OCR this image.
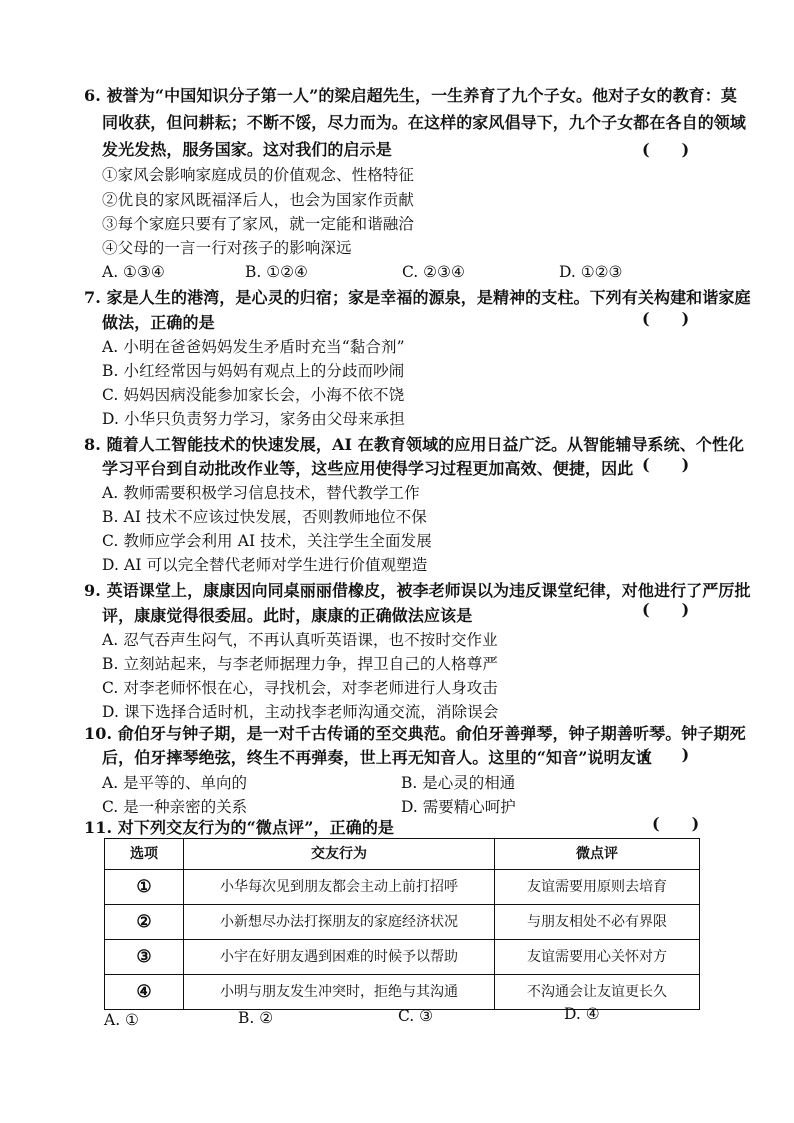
6. 被誉为“中国知识分子第一人”的梁启超先生，一生养育了九个子女。他对子女的教育：莫
同收获，但问耕耘；不断不馁，尽力而为。在这样的家风倡导下，九个子女都在各自的领域
发光发热，服务国家。这对我们的启示是	(　　)
①家风会影响家庭成员的价值观念、性格特征
②优良的家风既福泽后人，也会为国家作贡献
③每个家庭只要有了家风，就一定能和谐融洽
④父母的一言一行对孩子的影响深远
A. ①③④	B. ①②④	C. ②③④	D. ①②③
7. 家是人生的港湾，是心灵的归宿；家是幸福的源泉，是精神的支柱。下列有关构建和谐家庭
做法，正确的是	(　　)
A. 小明在爸爸妈妈发生矛盾时充当“黏合剂”
B. 小红经常因与妈妈有观点上的分歧而吵闹
C. 妈妈因病没能参加家长会，小海不依不饶
D. 小华只负责努力学习，家务由父母来承担
8. 随着人工智能技术的快速发展，AI 在教育领域的应用日益广泛。从智能辅导系统、个性化
学习平台到自动批改作业等，这些应用使得学习过程更加高效、便捷，因此 (　　)
A. 教师需要积极学习信息技术，替代教学工作
B. AI 技术不应该过快发展，否则教师地位不保
C. 教师应学会利用 AI 技术，关注学生全面发展
D. AI 可以完全替代老师对学生进行价值观塑造
9. 英语课堂上，康康因向同桌丽丽借橡皮，被李老师误以为违反课堂纪律，对他进行了严厉批
评，康康觉得很委屈。此时，康康的正确做法应该是	(　　)
A. 忍气吞声生闷气，不再认真听英语课，也不按时交作业
B. 立刻站起来，与李老师据理力争，捍卫自己的人格尊严
C. 对李老师怀恨在心，寻找机会，对李老师进行人身攻击
D. 课下选择合适时机，主动找李老师沟通交流，消除误会
10. 俞伯牙与钟子期，是一对千古传诵的至交典范。俞伯牙善弹琴，钟子期善听琴。钟子期死
后，伯牙摔琴绝弦，终生不再弹奏，世上再无知音人。这里的“知音”说明友谊
(　　)
A. 是平等的、单向的	B. 是心灵的相通
C. 是一种亲密的关系	D. 需要精心呵护
11. 对下列交友行为的“微点评”，正确的是	(　　)
选项	交友行为	微点评
①	小华每次见到朋友都会主动上前打招呼	友谊需要用原则去培育
②	小新想尽办法打探朋友的家庭经济状况	与朋友相处不必有界限
③	小宇在好朋友遇到困难的时候予以帮助	友谊需要用心关怀对方
④	小明与朋友发生冲突时，拒绝与其沟通	不沟通会让友谊更长久
A. ①	B. ②	C. ③	D. ④
